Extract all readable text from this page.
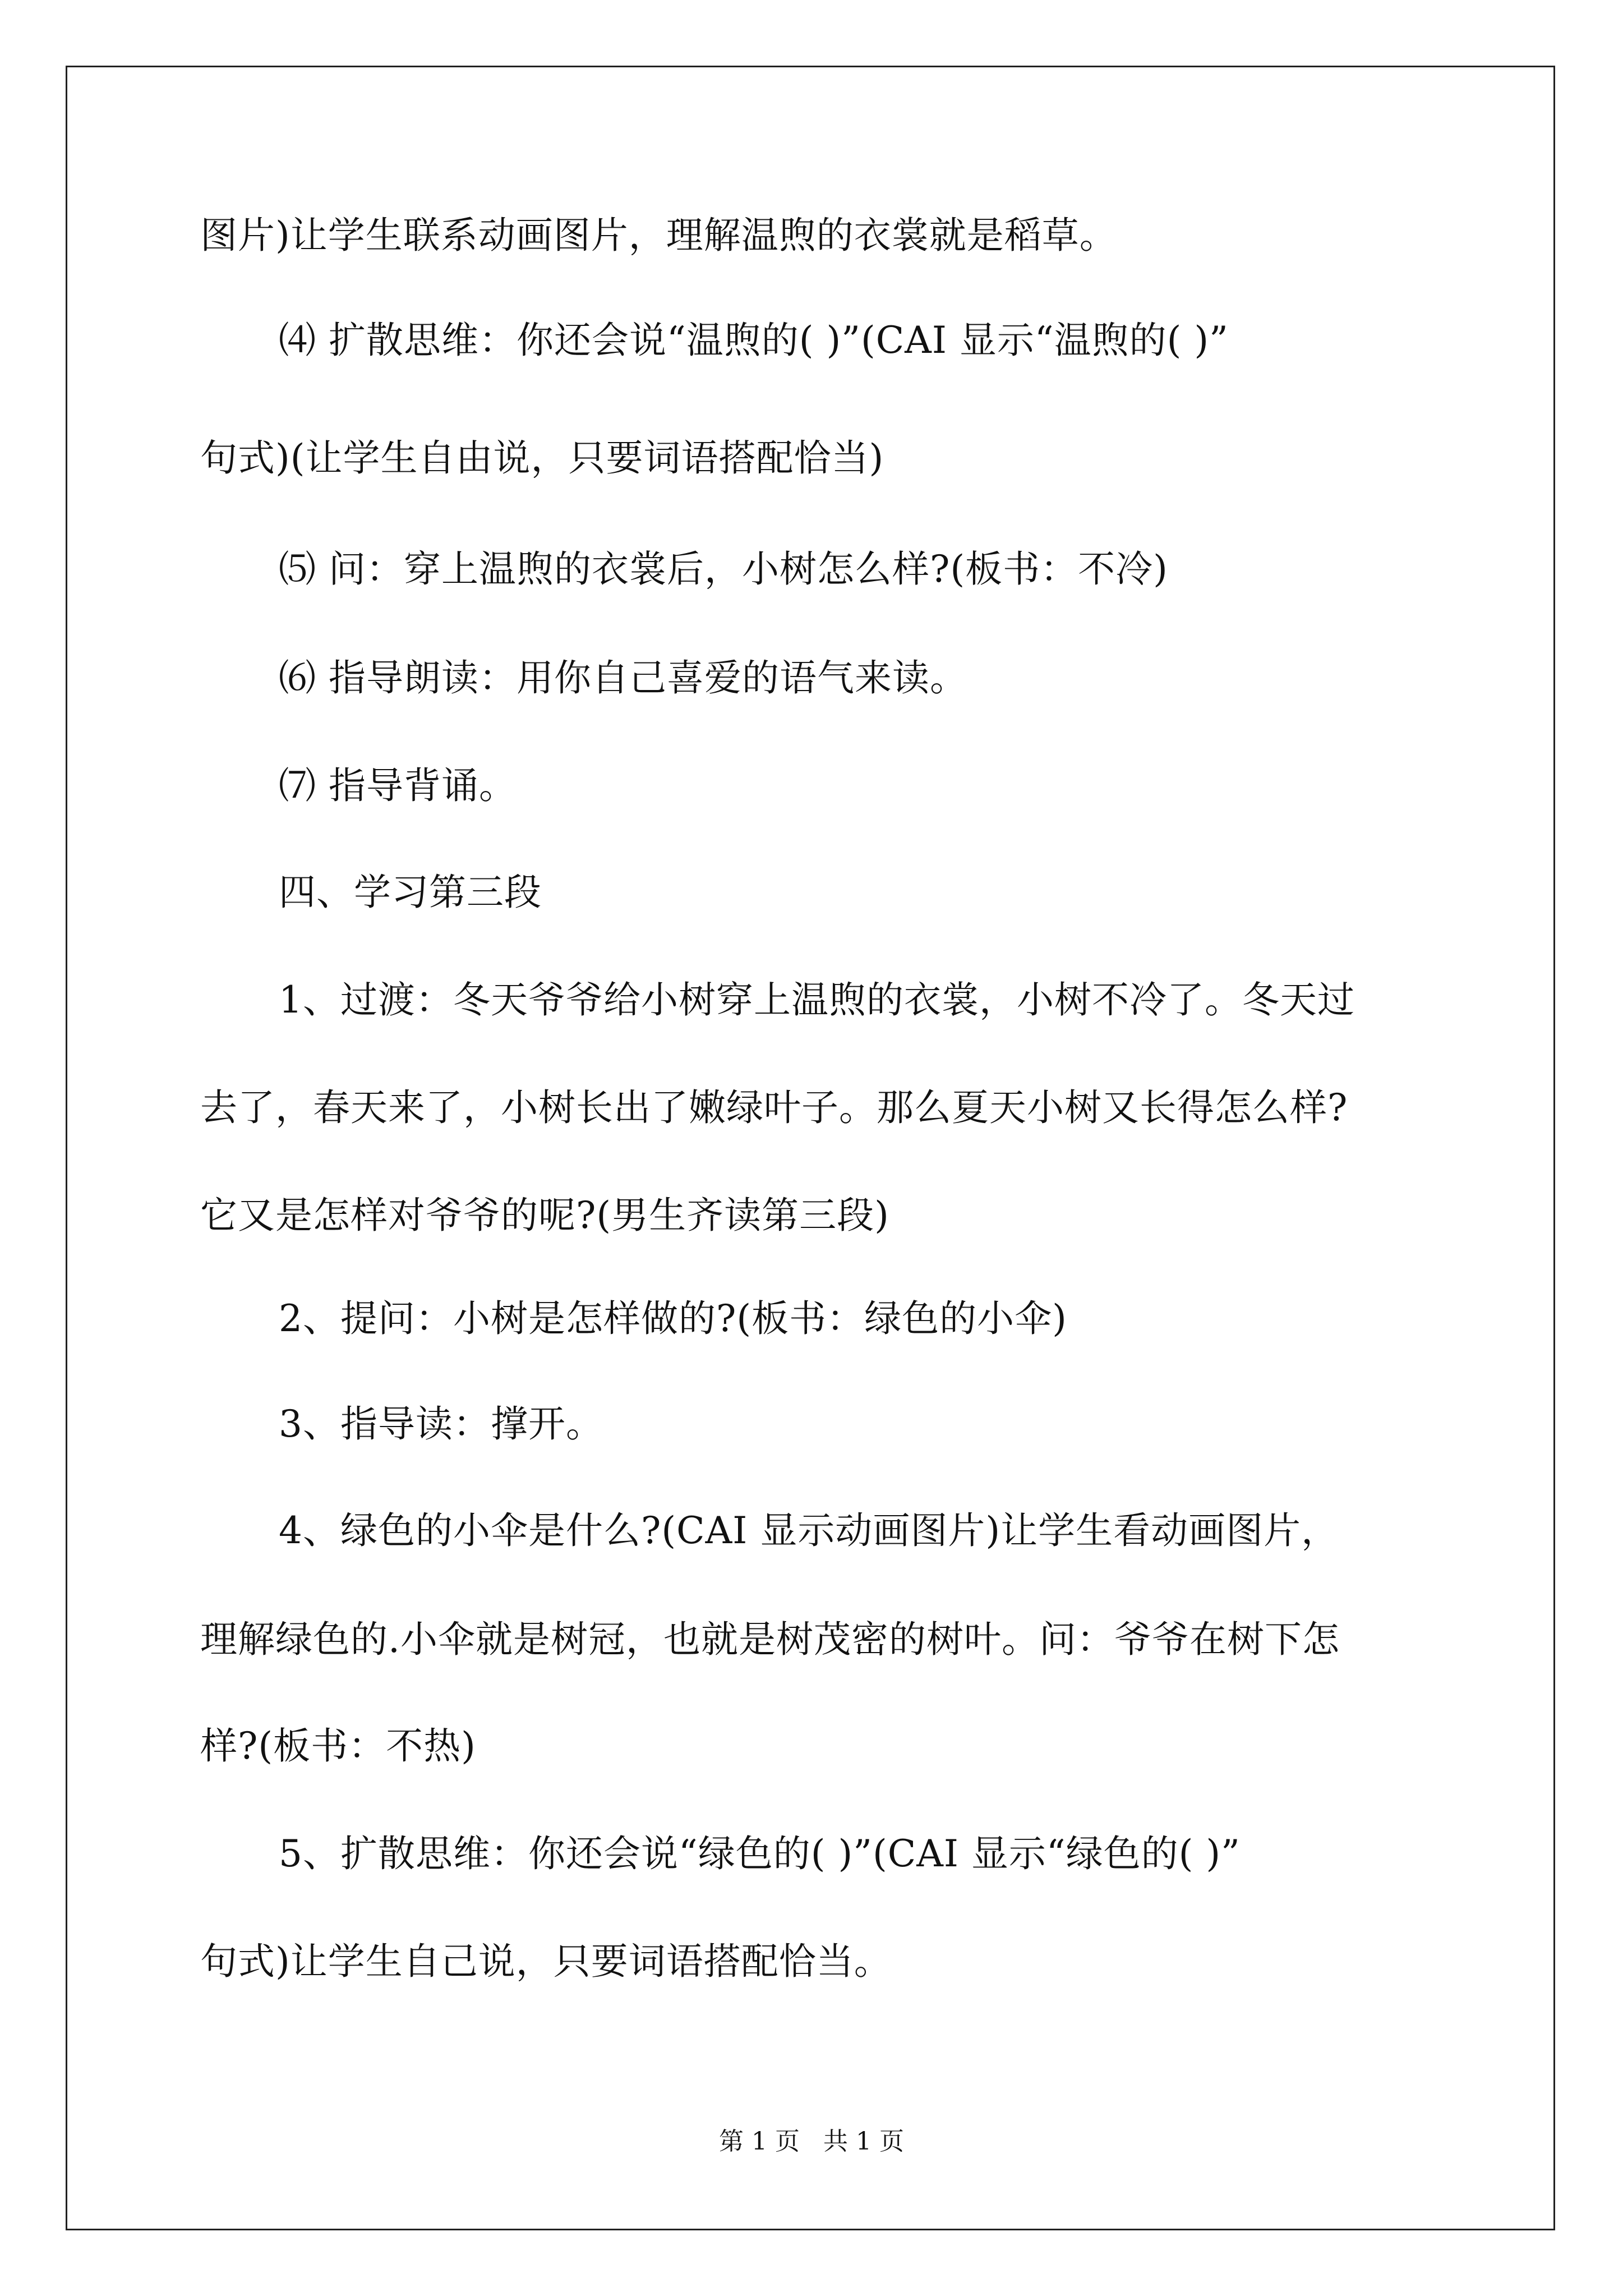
图片)让学生联系动画图片，理解温煦的衣裳就是稻草。

⑷ 扩散思维：你还会说“温煦的( )”(CAI 显示“温煦的( )”

句式)(让学生自由说，只要词语搭配恰当)

⑸ 问：穿上温煦的衣裳后，小树怎么样?(板书：不冷)

⑹ 指导朗读：用你自己喜爱的语气来读。

⑺ 指导背诵。

四、学习第三段

1、过渡：冬天爷爷给小树穿上温煦的衣裳，小树不冷了。冬天过

去了，春天来了，小树长出了嫩绿叶子。那么夏天小树又长得怎么样?

它又是怎样对爷爷的呢?(男生齐读第三段)

2、提问：小树是怎样做的?(板书：绿色的小伞)

3、指导读：撑开。

4、绿色的小伞是什么?(CAI 显示动画图片)让学生看动画图片，

理解绿色的.小伞就是树冠，也就是树茂密的树叶。问：爷爷在树下怎

样?(板书：不热)

5、扩散思维：你还会说“绿色的( )”(CAI 显示“绿色的( )”

句式)让学生自己说，只要词语搭配恰当。

第 1 页   共 1 页
